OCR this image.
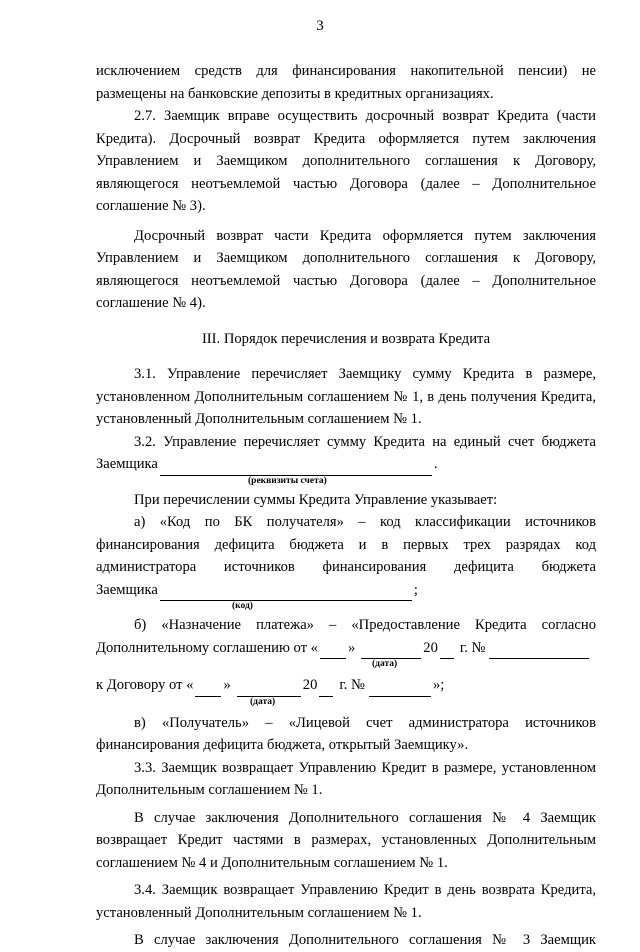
3

исключением средств для финансирования накопительной пенсии) не

размещены на банковские депозиты в кредитных организациях.

2.7. Заемщик вправе осуществить досрочный возврат Кредита (части Кредита). Досрочный возврат Кредита оформляется путем заключения Управлением и Заемщиком дополнительного соглашения к Договору, являющегося неотъемлемой частью Договора (далее – Дополнительное соглашение № 3).

Досрочный возврат части Кредита оформляется путем заключения Управлением и Заемщиком дополнительного соглашения к Договору, являющегося неотъемлемой частью Договора (далее – Дополнительное соглашение № 4).

III. Порядок перечисления и возврата Кредита

3.1. Управление перечисляет Заемщику сумму Кредита в размере, установленном Дополнительным соглашением № 1, в день получения Кредита, установленный Дополнительным соглашением № 1.

3.2. Управление перечисляет сумму Кредита на единый счет бюджета

Заемщика	.
(реквизиты счета)

При перечислении суммы Кредита Управление указывает:

а) «Код по БК получателя» – код классификации источников

финансирования дефицита бюджета и в первых трех разрядах код

администратора источников финансирования дефицита бюджета

Заемщика	;
(код)

б) «Назначение платежа» – «Предоставление Кредита согласно

Дополнительному соглашению от « »	20 г. №
(дата)
к Договору от « »	20 г. №	»;
(дата)

в) «Получатель» – «Лицевой счет администратора источников финансирования дефицита бюджета, открытый Заемщику».

3.3. Заемщик возвращает Управлению Кредит в размере, установленном Дополнительным соглашением № 1.

В случае заключения Дополнительного соглашения № 4 Заемщик возвращает Кредит частями в размерах, установленных Дополнительным соглашением № 4 и Дополнительным соглашением № 1.

3.4. Заемщик возвращает Управлению Кредит в день возврата Кредита, установленный Дополнительным соглашением № 1.

В случае заключения Дополнительного соглашения № 3 Заемщик
